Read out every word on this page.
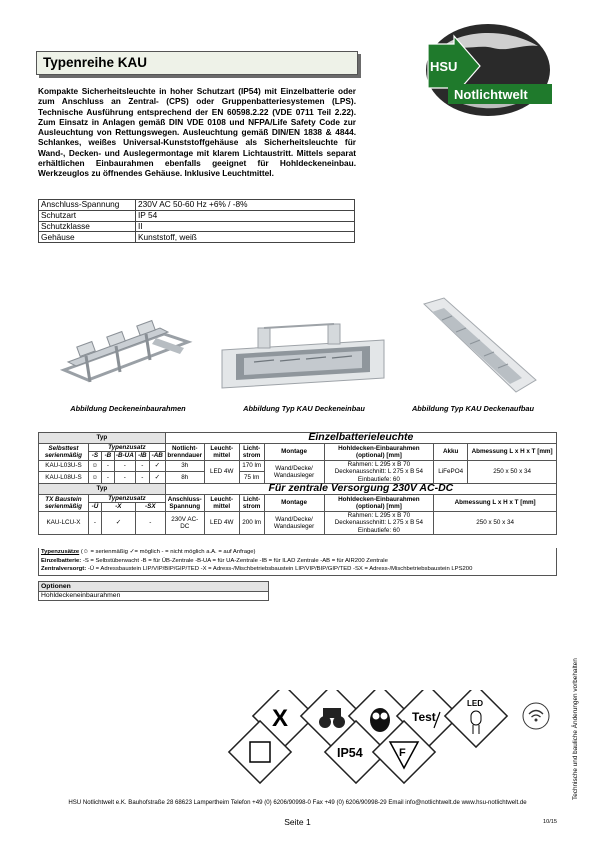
Typenreihe KAU	HSU
Notlichtwelt
Kompakte Sicherheitsleuchte in hoher Schutzart (IP54) mit Einzelbatterie oder zum Anschluss an Zentral- (CPS) oder Gruppenbatteriesystemen (LPS). Technische Ausführung entsprechend der EN 60598.2.22 (VDE 0711 Teil 2.22). Zum Einsatz in Anlagen gemäß DIN VDE 0108 und NFPA/Life Safety Code zur Ausleuchtung von Rettungswegen. Ausleuchtung gemäß DIN/EN 1838 & 4844. Schlankes, weißes Universal-Kunststoffgehäuse als Sicherheitsleuchte für Wand-, Decken- und Auslegermontage mit klarem Lichtaustritt. Mittels separat erhältlichen Einbaurahmen ebenfalls geeignet für Hohldeckeneinbau. Werkzeuglos zu öffnendes Gehäuse. Inklusive Leuchtmittel.
Anschluss-Spannung	230V AC 50-60 Hz +6% / -8%
Schutzart	IP 54
Schutzklasse	II
Gehäuse	Kunststoff, weiß
Abbildung Deckeneinbaurahmen	Abbildung Typ KAU Deckeneinbau	Abbildung Typ KAU Deckenaufbau
Typ						Einzelbatterieleuchte						
Selbsttest serienmäßig	Typenzusatz					Notlicht-brenndauer	Leucht-mittel	Licht-strom	Montage	Hohldecken-Einbaurahmen (optional) [mm]	Akku	Abmessung L x H x T [mm]
	-S	-B	-B-UA	-IB	-AB							
KAU-L03U-S	☺	-	-	-	✓	3h	LED 4W	170 lm	Wand/Decke/ Wandausleger	Rahmen: L 295 x B 70
Deckenausschnitt: L 275 x B 54
Einbautiefe: 60	LiFePO4	250 x 50 x 34
KAU-L08U-S	☺	-	-	-	✓	8h		75 lm				
Typ						Für zentrale Versorgung 230V AC-DC						
TX Baustein serienmäßig	Typenzusatz					Anschluss-Spannung	Leucht-mittel	Licht-strom	Montage	Hohldecken-Einbaurahmen (optional) [mm]	Abmessung L x H x T [mm]	
	-Ü	-X		-SX								
KAU-LCU-X	-	✓		-		230V AC-DC	LED 4W	200 lm	Wand/Decke/ Wandausleger	Rahmen: L 295 x B 70
Deckenausschnitt: L 275 x B 54
Einbautiefe: 60	250 x 50 x 34	
Typenzusätze (☺ = serienmäßig ✓= möglich - = nicht möglich a.A. = auf Anfrage)
Einzelbatterie: -S = Selbstüberwacht -B = für ÜB-Zentrale -B-UA = für UA-Zentrale -IB = für ILAD Zentrale -AB = für AIR200 Zentrale
Zentralversorgt: -Ü = Adressbaustein LIP/VIP/BIP/GIP/TED -X = Adress-/Mischbetriebsbaustein LIP/VIP/BIP/GIP/TED -SX = Adress-/Mischbetriebsbaustein LPS200
Optionen
Hohldeckeneinbaurahmen
X	Test
LED
IP54	F	Technische und bauliche Änderungen vorbehalten
HSU Notlichtwelt e.K. Bauhofstraße 28 68623 Lampertheim Telefon +49 (0) 6206/90998-0 Fax +49 (0) 6206/90998-29 Email info@notlichtwelt.de www.hsu-notlichtwelt.de
Seite 1	10/15
